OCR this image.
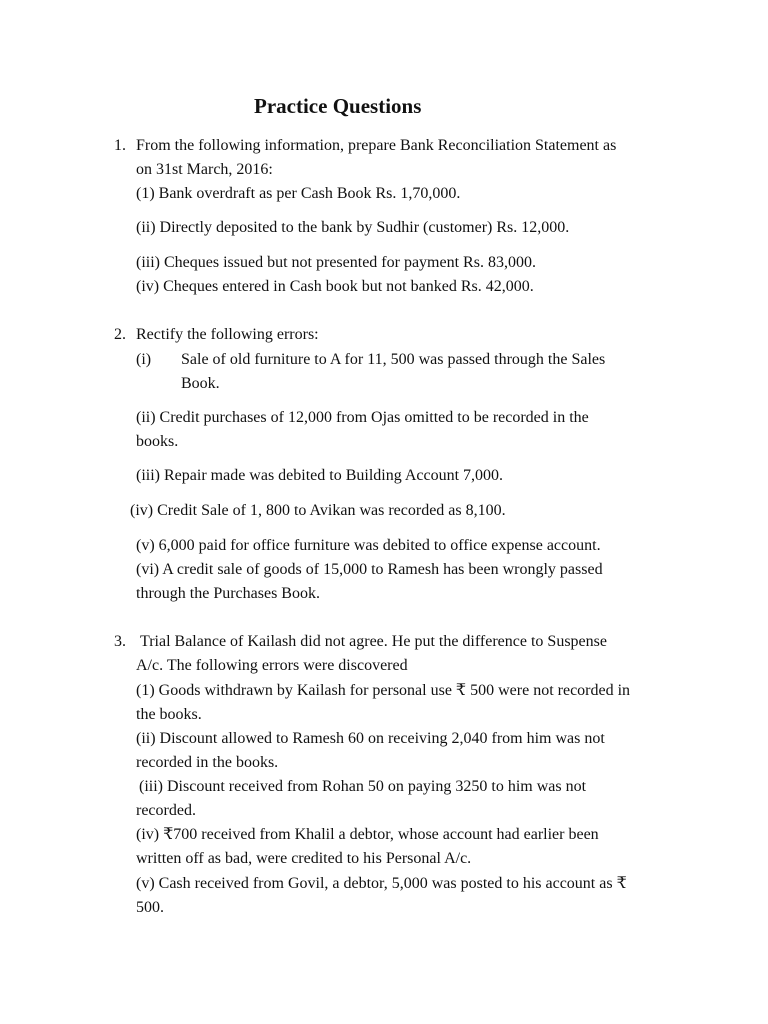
Practice Questions
1. From the following information, prepare Bank Reconciliation Statement as
on 31st March, 2016:
(1) Bank overdraft as per Cash Book Rs. 1,70,000.
(ii) Directly deposited to the bank by Sudhir (customer) Rs. 12,000.
(iii) Cheques issued but not presented for payment Rs. 83,000.
(iv) Cheques entered in Cash book but not banked Rs. 42,000.
2. Rectify the following errors:
(i) Sale of old furniture to A for 11, 500 was passed through the Sales
Book.
(ii) Credit purchases of 12,000 from Ojas omitted to be recorded in the
books.
(iii) Repair made was debited to Building Account 7,000.
(iv) Credit Sale of 1, 800 to Avikan was recorded as 8,100.
(v) 6,000 paid for office furniture was debited to office expense account.
(vi) A credit sale of goods of 15,000 to Ramesh has been wrongly passed
through the Purchases Book.
3. Trial Balance of Kailash did not agree. He put the difference to Suspense
A/c. The following errors were discovered
(1) Goods withdrawn by Kailash for personal use ₹ 500 were not recorded in
the books.
(ii) Discount allowed to Ramesh 60 on receiving 2,040 from him was not
recorded in the books.
(iii) Discount received from Rohan 50 on paying 3250 to him was not
recorded.
(iv) ₹700 received from Khalil a debtor, whose account had earlier been
written off as bad, were credited to his Personal A/c.
(v) Cash received from Govil, a debtor, 5,000 was posted to his account as ₹
500.
